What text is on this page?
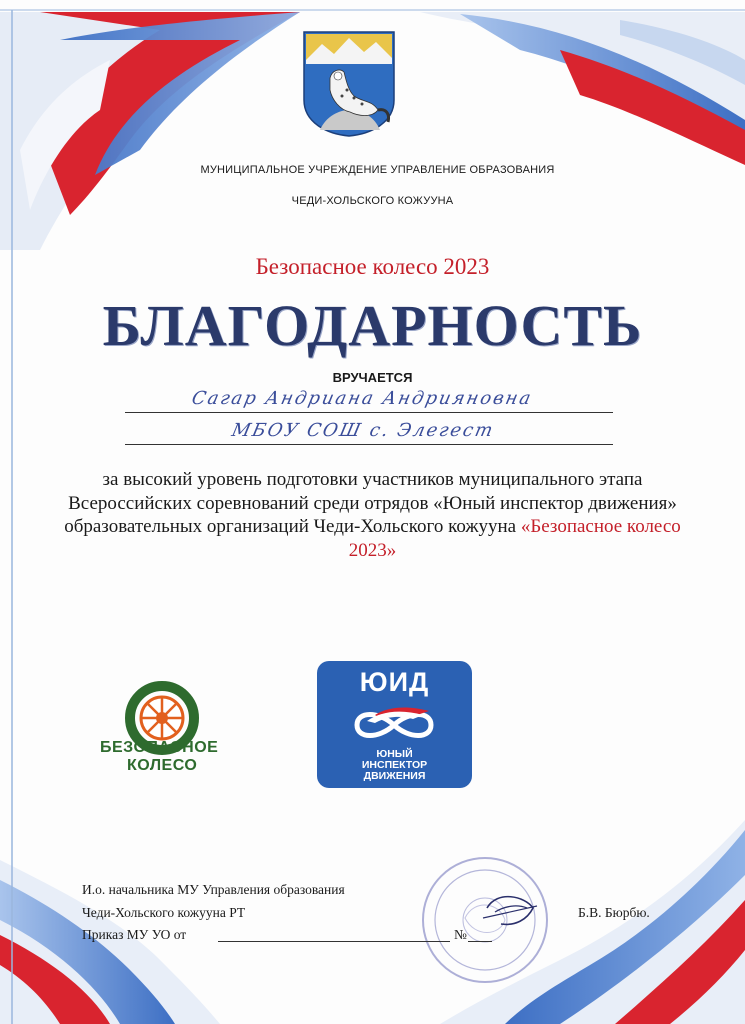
МУНИЦИПАЛЬНОЕ УЧРЕЖДЕНИЕ УПРАВЛЕНИЕ ОБРАЗОВАНИЯ
ЧЕДИ-ХОЛЬСКОГО КОЖУУНА
Безопасное колесо 2023
БЛАГОДАРНОСТЬ
ВРУЧАЕТСЯ
Сагар Андриана Андрияновна
МБОУ СОШ с. Элегест
за высокий уровень подготовки участников муниципального этапа Всероссийских соревнований среди отрядов «Юный инспектор движения» образовательных организаций Чеди-Хольского кожууна «Безопасное колесо 2023»
БЕЗОПАСНОЕ
КОЛЕСО
ЮИД
ЮНЫЙ
ИНСПЕКТОР
ДВИЖЕНИЯ
И.о. начальника МУ Управления образования
Чеди-Хольского кожууна РТ	Б.В. Бюрбю.
Приказ МУ УО от	№
